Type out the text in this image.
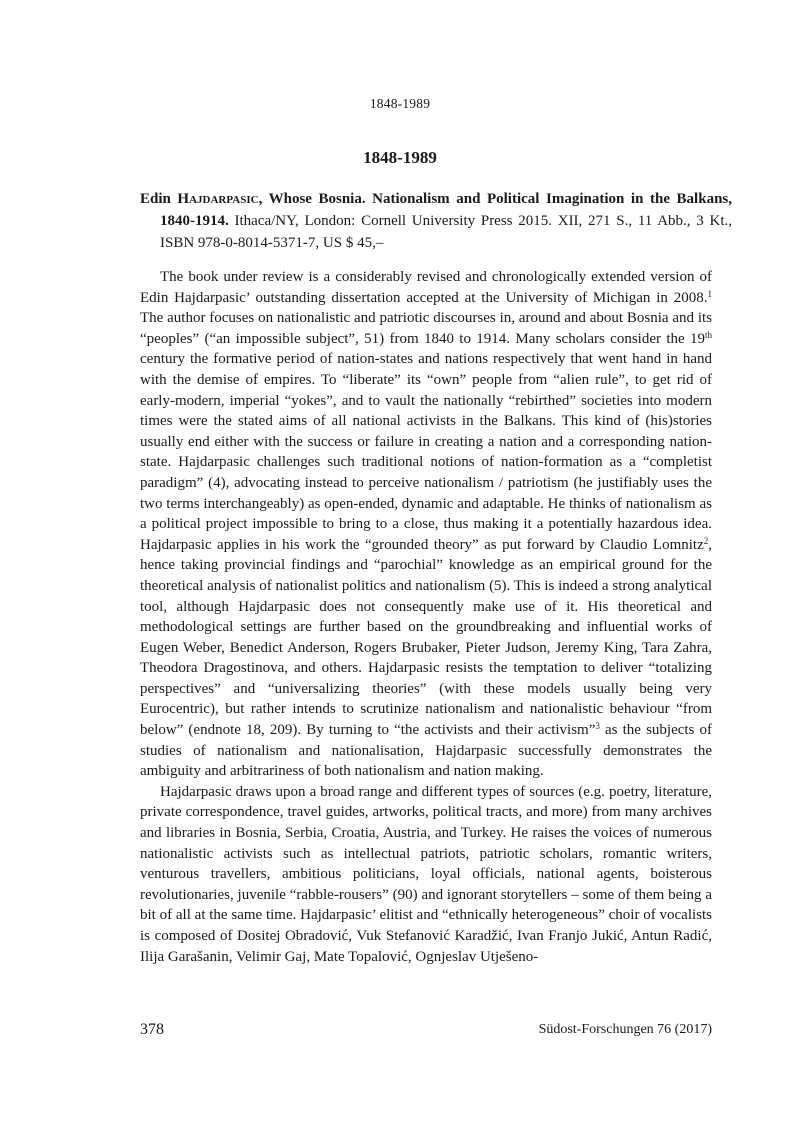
1848-1989
1848-1989
Edin Hajdarpasic, Whose Bosnia. Nationalism and Political Imagination in the Balkans, 1840-1914. Ithaca/NY, London: Cornell University Press 2015. XII, 271 S., 11 Abb., 3 Kt., ISBN 978-0-8014-5371-7, US $ 45,–

The book under review is a considerably revised and chronologically extended version of Edin Hajdarpasic’ outstanding dissertation accepted at the University of Michigan in 2008.$^1$ The author focuses on nationalistic and patriotic discourses in, around and about Bosnia and its “peoples” (“an impossible subject”, 51) from 1840 to 1914. Many scholars consider the 19th century the formative period of nation-states and nations respectively that went hand in hand with the demise of empires. To “liberate” its “own” people from “alien rule”, to get rid of early-modern, imperial “yokes”, and to vault the nationally “rebirthed” societies into modern times were the stated aims of all national activists in the Balkans. This kind of (his)stories usually end either with the success or failure in creating a nation and a corresponding nation-state. Hajdarpasic challenges such traditional notions of nation-formation as a “completist paradigm” (4), advocating instead to perceive nationalism / patriotism (he justifiably uses the two terms interchangeably) as open-ended, dynamic and adaptable. He thinks of nationalism as a political project impossible to bring to a close, thus making it a potentially hazardous idea. Hajdarpasic applies in his work the “grounded theory” as put forward by Claudio Lomnitz$^2$, hence taking provincial findings and “parochial” knowledge as an empirical ground for the theoretical analysis of nationalist politics and nationalism (5). This is indeed a strong analytical tool, although Hajdarpasic does not consequently make use of it. His theoretical and methodological settings are further based on the groundbreaking and influential works of Eugen Weber, Benedict Anderson, Rogers Brubaker, Pieter Judson, Jeremy King, Tara Zahra, Theodora Dragostinova, and others. Hajdarpasic resists the temptation to deliver “totalizing perspectives” and “universalizing theories” (with these models usually being very Eurocentric), but rather intends to scrutinize nationalism and nationalistic behaviour “from below” (endnote 18, 209). By turning to “the activists and their activism”$^3$ as the subjects of studies of nationalism and nationalisation, Hajdarpasic successfully demonstrates the ambiguity and arbitrariness of both nationalism and nation making.

Hajdarpasic draws upon a broad range and different types of sources (e.g. poetry, literature, private correspondence, travel guides, artworks, political tracts, and more) from many archives and libraries in Bosnia, Serbia, Croatia, Austria, and Turkey. He raises the voices of numerous nationalistic activists such as intellectual patriots, patriotic scholars, romantic writers, venturous travellers, ambitious politicians, loyal officials, national agents, boisterous revolutionaries, juvenile “rabble-rousers” (90) and ignorant storytellers – some of them being a bit of all at the same time. Hajdarpasic’ elitist and “ethnically heterogeneous” choir of vocalists is composed of Dositej Obradović, Vuk Stefanović Karadžić, Ivan Franjo Jukić, Antun Radić, Ilija Garašanin, Velimir Gaj, Mate Topalović, Ognjeslav Utješeno-

378	Südost-Forschungen 76 (2017)
